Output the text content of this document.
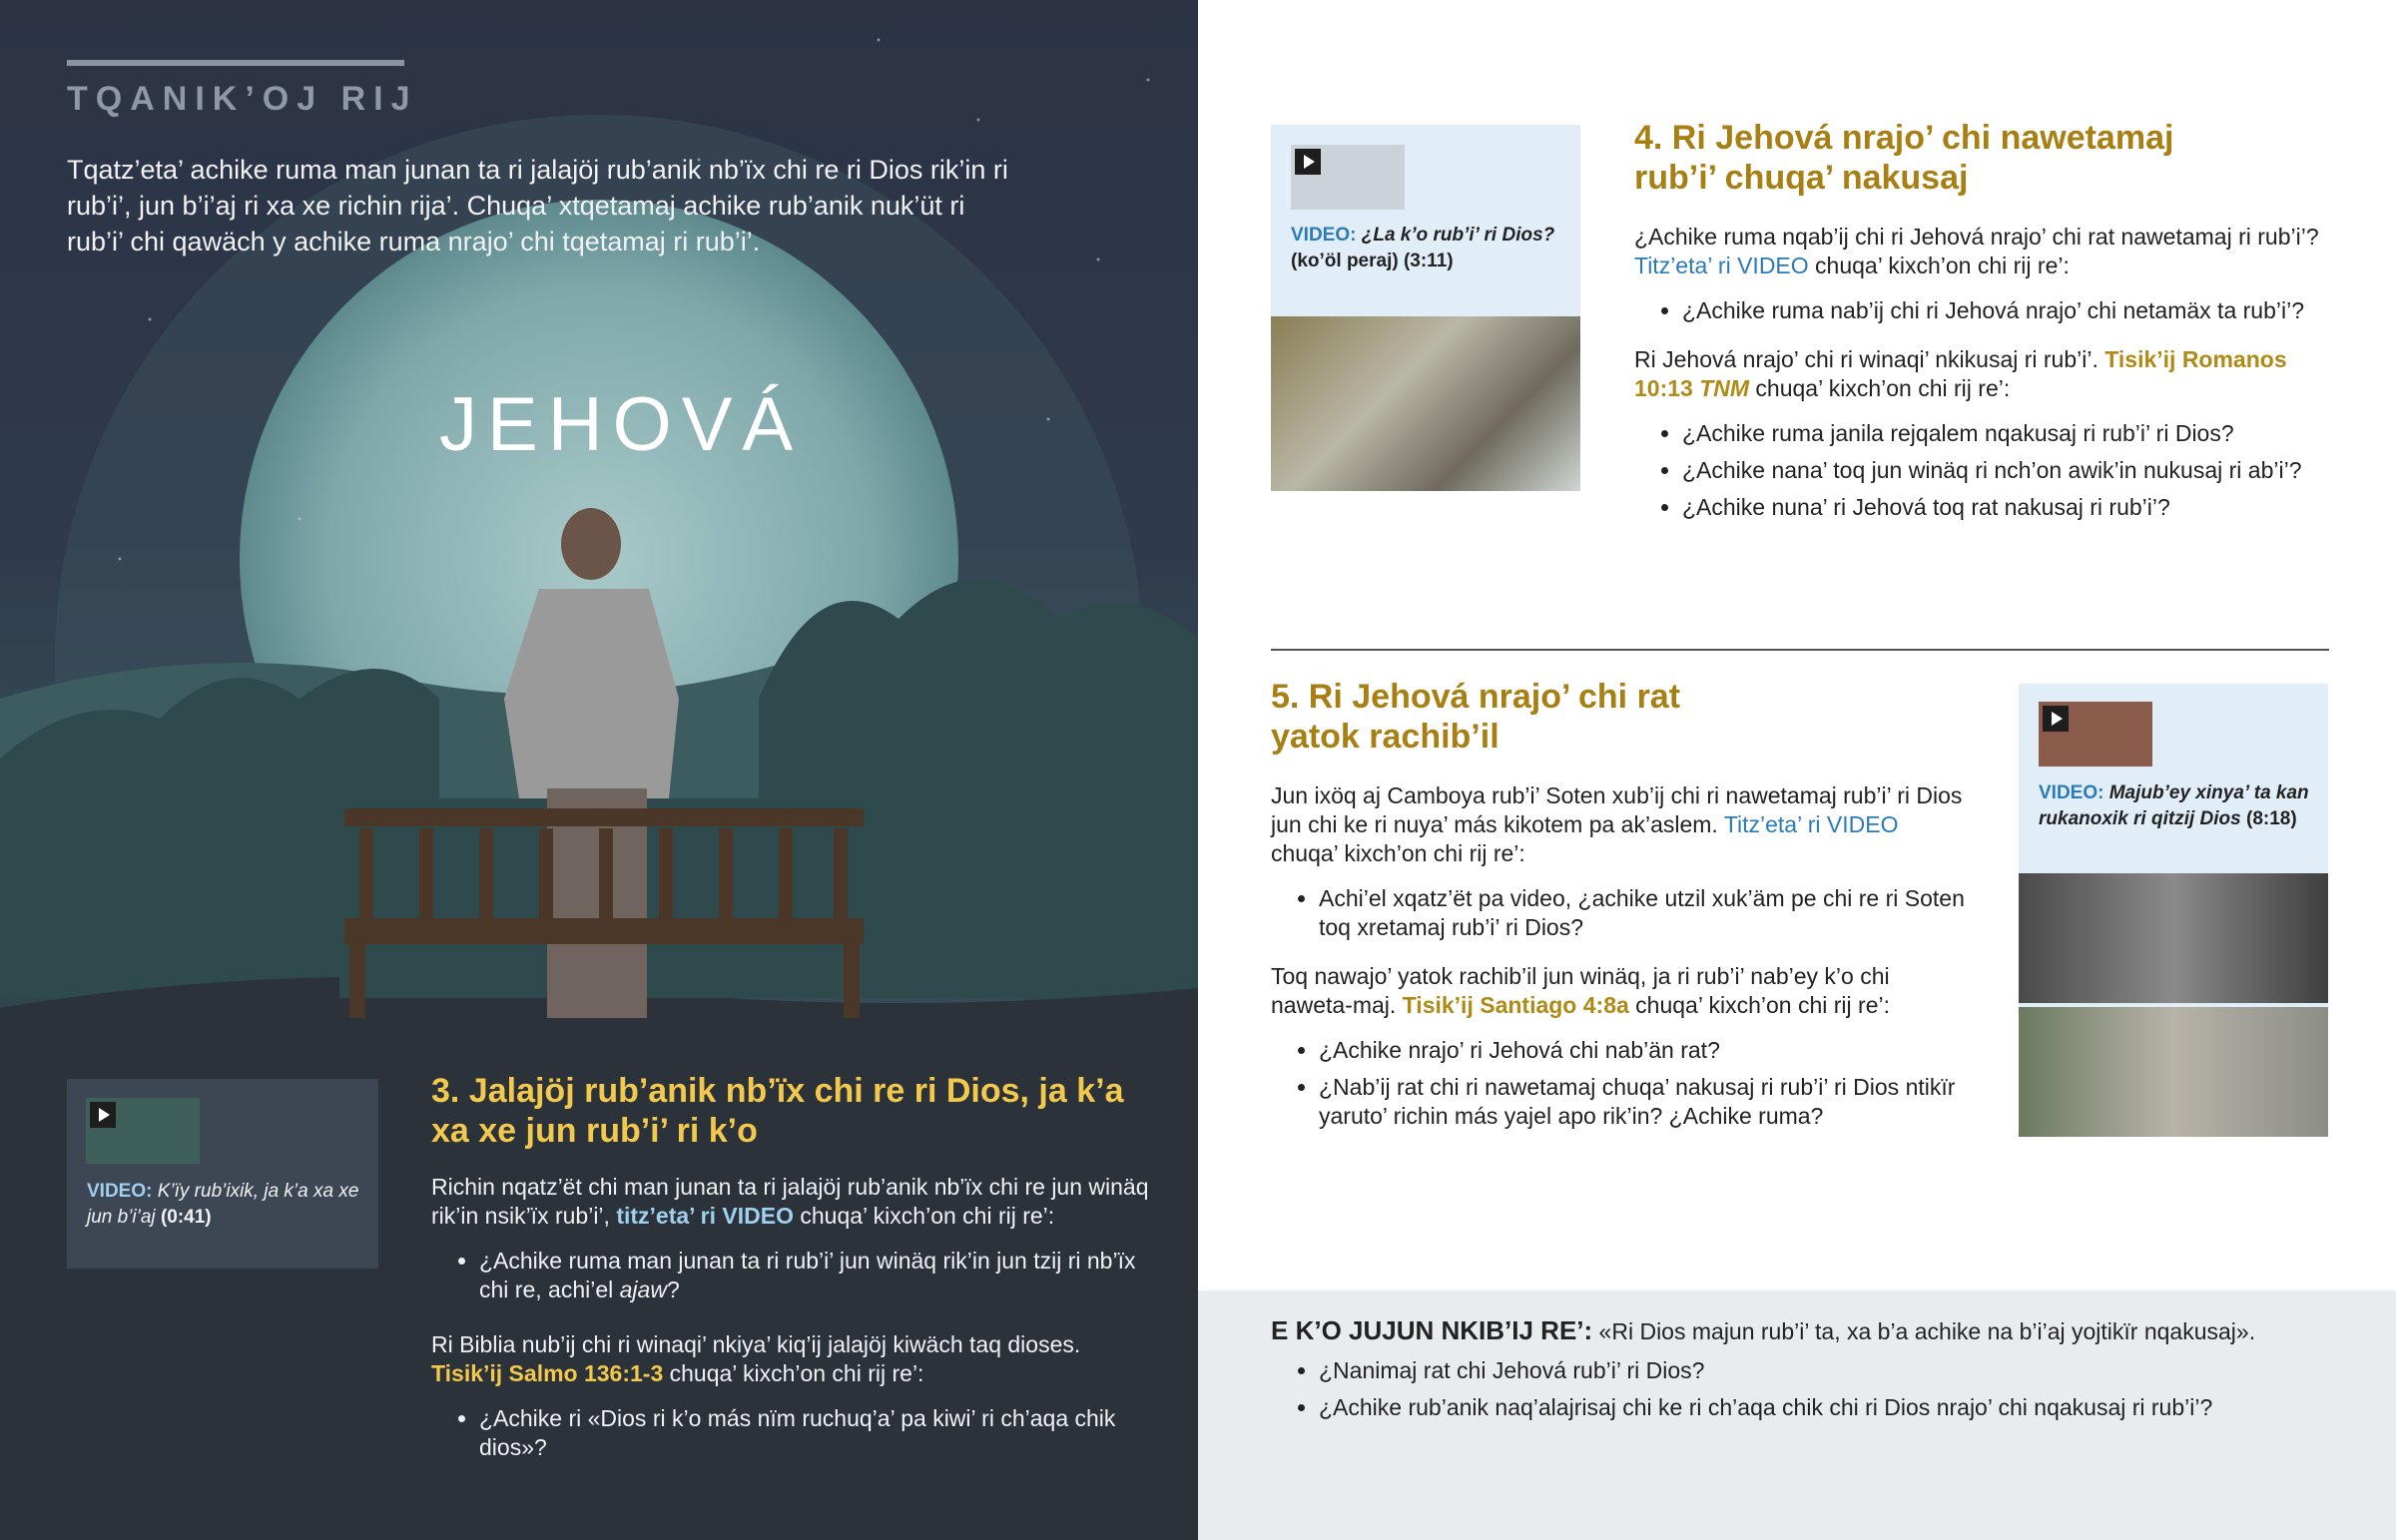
TQANIK’OJ RIJ
Tqatz’eta’ achike ruma man junan ta ri jalajöj rub’anik nb’ïx chi re ri Dios rik’in ri rub’i’, jun b’i’aj ri xa xe richin rija’. Chuqa’ xtqetamaj achike rub’anik nuk’üt ri rub’i’ chi qawäch y achike ruma nrajo’ chi tqetamaj ri rub’i’.
JEHOVÁ
VIDEO: K’ïy rub’ixik, ja k’a xa xe jun b’i’aj (0:41)
3. Jalajöj rub’anik nb’ïx chi re ri Dios, ja k’a xa xe jun rub’i’ ri k’o

Richin nqatz’ët chi man junan ta ri jalajöj rub’anik nb’ïx chi re jun winäq rik’in nsik’ïx rub’i’, titz’eta’ ri VIDEO chuqa’ kixch’on chi rij re’:

• ¿Achike ruma man junan ta ri rub’i’ jun winäq rik’in jun tzij ri nb’ïx chi re, achi’el ajaw?

Ri Biblia nub’ij chi ri winaqi’ nkiya’ kiq’ij jalajöj kiwäch taq dioses. Tisik’ij Salmo 136:1-3 chuqa’ kixch’on chi rij re’:

• ¿Achike ri «Dios ri k’o más nïm ruchuq’a’ pa kiwi’ ri ch’aqa chik dios»?
VIDEO: ¿La k’o rub’i’ ri Dios?
(ko’öl peraj) (3:11)
4. Ri Jehová nrajo’ chi nawetamaj rub’i’ chuqa’ nakusaj

¿Achike ruma nqab’ij chi ri Jehová nrajo’ chi rat nawetamaj ri rub’i’? Titz’eta’ ri VIDEO chuqa’ kixch’on chi rij re’:

• ¿Achike ruma nab’ij chi ri Jehová nrajo’ chi netamäx ta rub’i’?

Ri Jehová nrajo’ chi ri winaqi’ nkikusaj ri rub’i’. Tisik’ij Romanos 10:13 TNM chuqa’ kixch’on chi rij re’:

• ¿Achike ruma janila rejqalem nqakusaj ri rub’i’ ri Dios?
• ¿Achike nana’ toq jun winäq ri nch’on awik’in nukusaj ri ab’i’?
• ¿Achike nuna’ ri Jehová toq rat nakusaj ri rub’i’?
5. Ri Jehová nrajo’ chi rat yatok rachib’il

Jun ixöq aj Camboya rub’i’ Soten xub’ij chi ri nawetamaj rub’i’ ri Dios jun chi ke ri nuya’ más kikotem pa ak’aslem. Titz’eta’ ri VIDEO chuqa’ kixch’on chi rij re’:

• Achi’el xqatz’ët pa video, ¿achike utzil xuk’äm pe chi re ri Soten toq xretamaj rub’i’ ri Dios?

Toq nawajo’ yatok rachib’il jun winäq, ja ri rub’i’ nab’ey k’o chi naweta-maj. Tisik’ij Santiago 4:8a chuqa’ kixch’on chi rij re’:

• ¿Achike nrajo’ ri Jehová chi nab’än rat?
• ¿Nab’ij rat chi ri nawetamaj chuqa’ nakusaj ri rub’i’ ri Dios ntikïr yaruto’ richin más yajel apo rik’in? ¿Achike ruma?
VIDEO: Majub’ey xinya’ ta kan rukanoxik ri qitzij Dios (8:18)
E K’O JUJUN NKIB’IJ RE’: «Ri Dios majun rub’i’ ta, xa b’a achike na b’i’aj yojtikïr nqakusaj».
• ¿Nanimaj rat chi Jehová rub’i’ ri Dios?
• ¿Achike rub’anik naq’alajrisaj chi ke ri ch’aqa chik chi ri Dios nrajo’ chi nqakusaj ri rub’i’?
